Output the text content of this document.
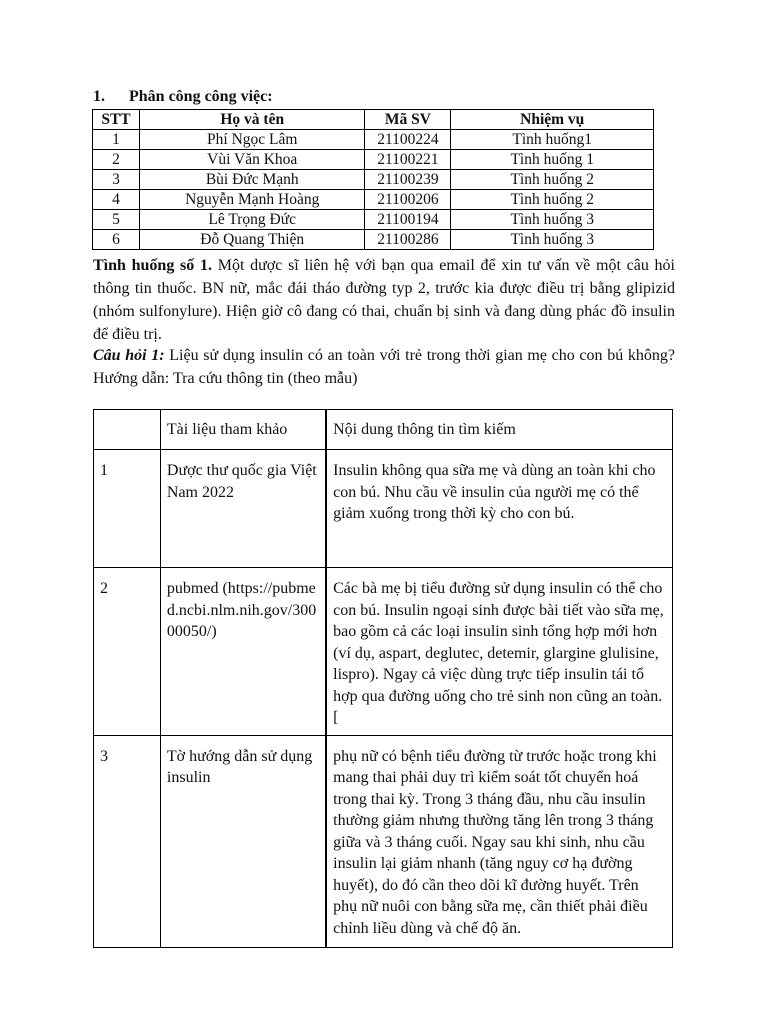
1. Phân công công việc:
STT	Họ và tên	Mã SV	Nhiệm vụ
1	Phí Ngọc Lâm	21100224	Tình huống1
2	Vùi Văn Khoa	21100221	Tình huống 1
3	Bùi Đức Mạnh	21100239	Tình huống 2
4	Nguyễn Mạnh Hoàng	21100206	Tình huống 2
5	Lê Trọng Đức	21100194	Tình huống 3
6	Đỗ Quang Thiện	21100286	Tình huống 3
Tình huống số 1. Một dược sĩ liên hệ với bạn qua email để xin tư vấn về một câu hỏi thông tin thuốc. BN nữ, mắc đái tháo đường typ 2, trước kia được điều trị bằng glipizid (nhóm sulfonylure). Hiện giờ cô đang có thai, chuẩn bị sinh và đang dùng phác đồ insulin để điều trị.
Câu hỏi 1: Liệu sử dụng insulin có an toàn với trẻ trong thời gian mẹ cho con bú không? Hướng dẫn: Tra cứu thông tin (theo mẫu)
	Tài liệu tham khảo	Nội dung thông tin tìm kiếm
1	Dược thư quốc gia Việt Nam 2022	Insulin không qua sữa mẹ và dùng an toàn khi cho con bú. Nhu cầu về insulin của người mẹ có thể giảm xuống trong thời kỳ cho con bú.
2	pubmed (https://pubmed.ncbi.nlm.nih.gov/30000050/)	Các bà mẹ bị tiểu đường sử dụng insulin có thể cho con bú. Insulin ngoại sinh được bài tiết vào sữa mẹ, bao gồm cả các loại insulin sinh tổng hợp mới hơn (ví dụ, aspart, deglutec, detemir, glargine glulisine, lispro). Ngay cả việc dùng trực tiếp insulin tái tổ hợp qua đường uống cho trẻ sinh non cũng an toàn.[
3	Tờ hướng dẫn sử dụng insulin	phụ nữ có bệnh tiểu đường từ trước hoặc trong khi mang thai phải duy trì kiểm soát tốt chuyển hoá trong thai kỳ. Trong 3 tháng đầu, nhu cầu insulin thường giảm nhưng thường tăng lên trong 3 tháng giữa và 3 tháng cuối. Ngay sau khi sinh, nhu cầu insulin lại giảm nhanh (tăng nguy cơ hạ đường huyết), do đó cần theo dõi kĩ đường huyết. Trên phụ nữ nuôi con bằng sữa mẹ, cần thiết phải điều chỉnh liều dùng và chế độ ăn.
